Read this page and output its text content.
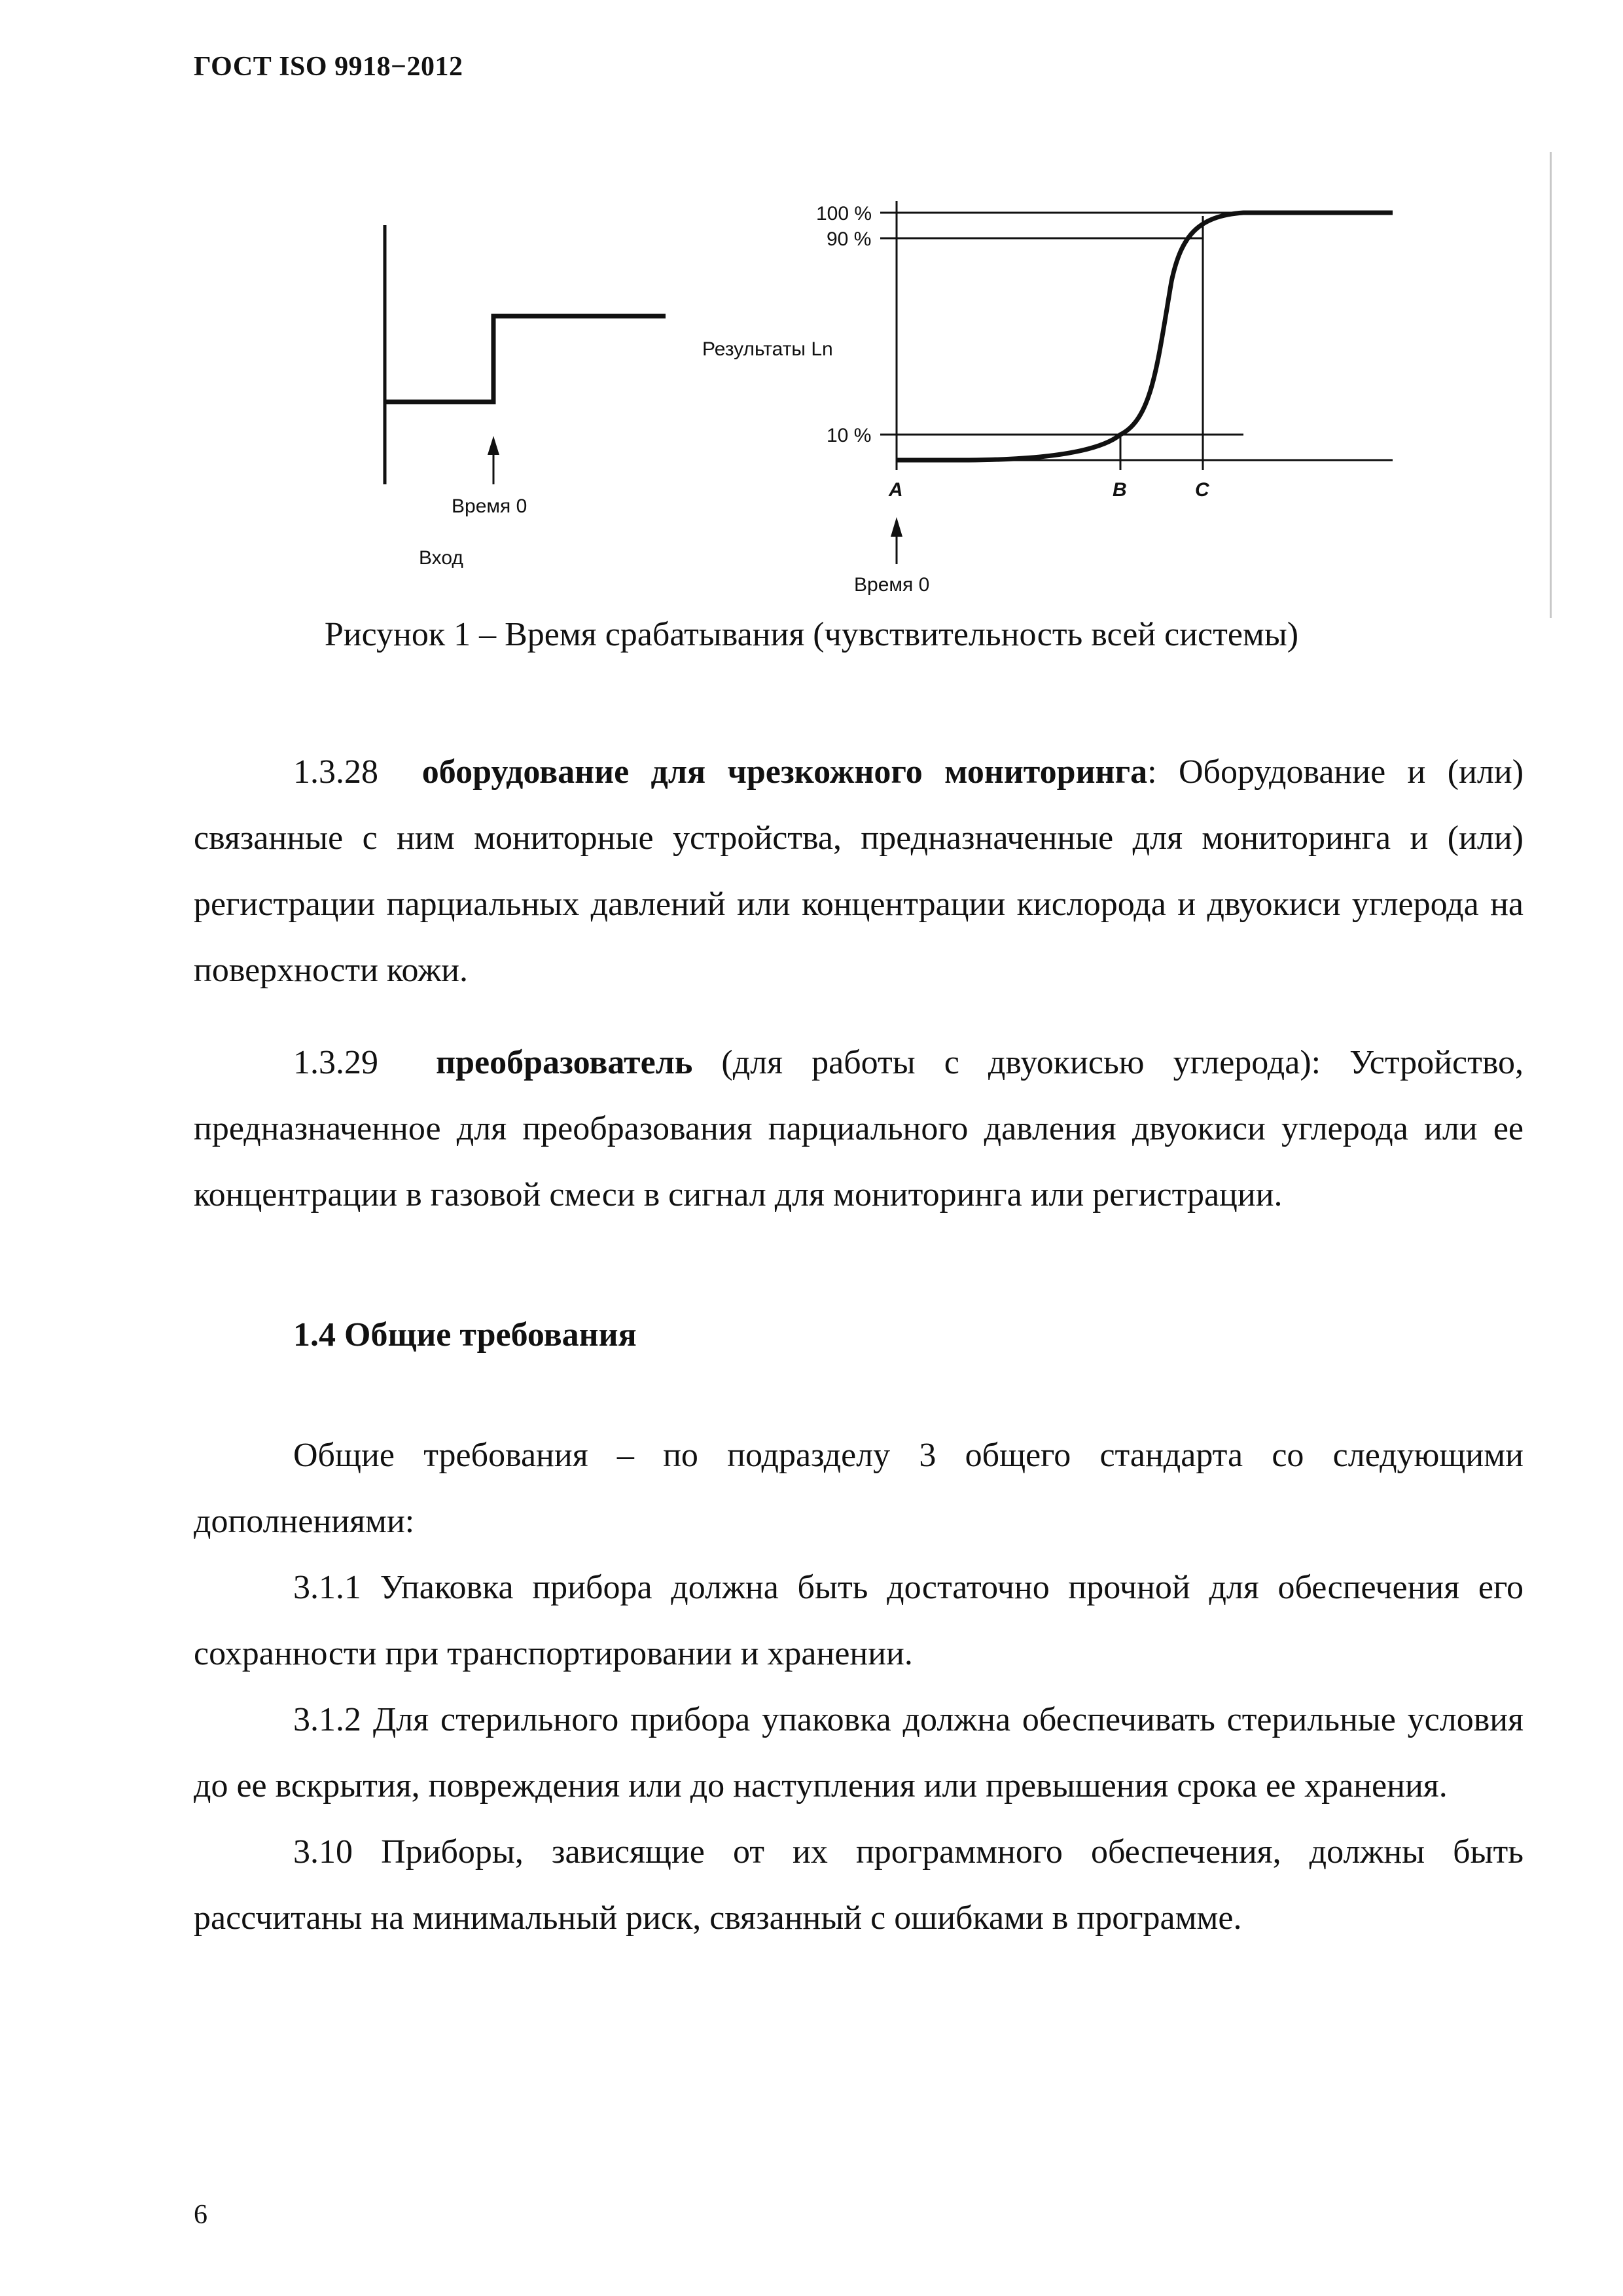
ГОСТ ISO 9918−2012
Время 0
Вход
100 %
90 %
Результаты Ln
10 %
A	B	C
Время 0
Рисунок 1 – Время срабатывания (чувствительность всей системы)

1.3.28 оборудование для чрезкожного мониторинга: Оборудование и (или) связанные с ним мониторные устройства, предназначенные для мониторинга и (или) регистрации парциальных давлений или концентрации кислорода и двуокиси углерода на поверхности кожи.

1.3.29 преобразователь (для работы с двуокисью углерода): Устройство, предназначенное для преобразования парциального давления двуокиси углерода или ее концентрации в газовой смеси в сигнал для мониторинга или регистрации.

1.4 Общие требования

Общие требования – по подразделу 3 общего стандарта со следующими дополнениями:

3.1.1 Упаковка прибора должна быть достаточно прочной для обеспечения его сохранности при транспортировании и хранении.

3.1.2 Для стерильного прибора упаковка должна обеспечивать стерильные условия до ее вскрытия, повреждения или до наступления или превышения срока ее хранения.

3.10 Приборы, зависящие от их программного обеспечения, должны быть рассчитаны на минимальный риск, связанный с ошибками в программе.

6
